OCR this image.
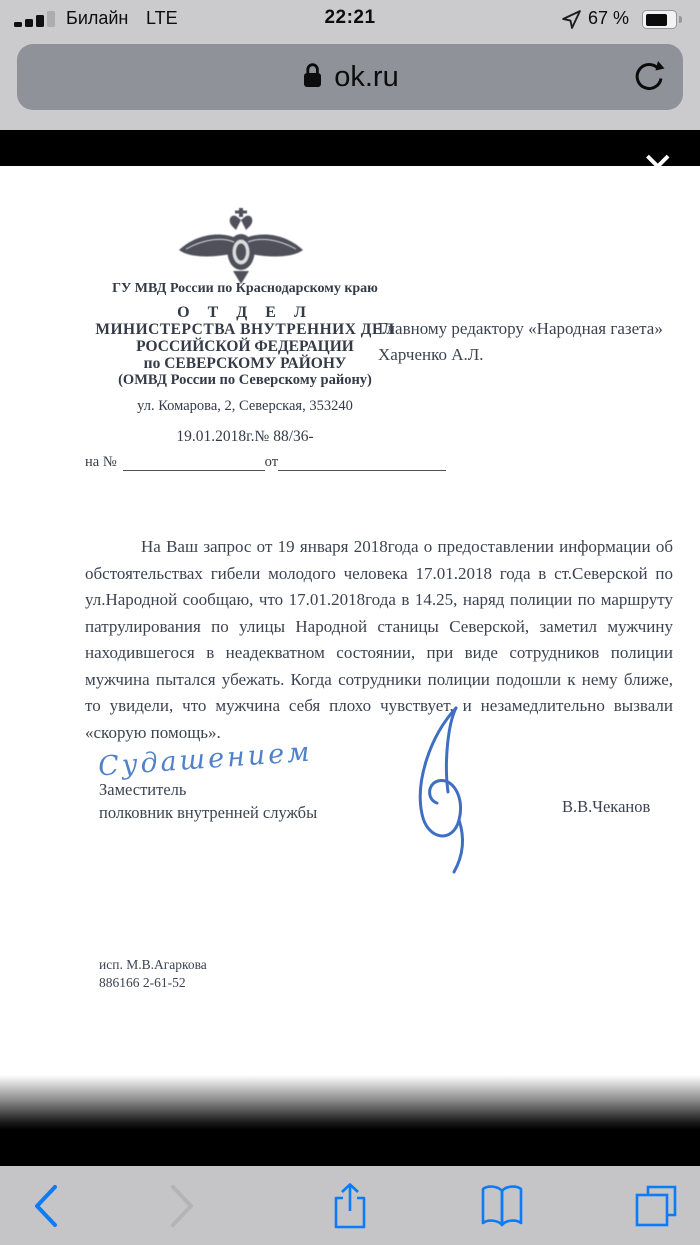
Билайн LTE	22:21	67 %
ok.ru
ГУ МВД России по Краснодарскому краю
О Т Д Е Л
МИНИСТЕРСТВА ВНУТРЕННИХ ДЕЛ
РОССИЙСКОЙ ФЕДЕРАЦИИ
по СЕВЕРСКОМУ РАЙОНУ
(ОМВД России по Северскому району)
ул. Комарова, 2, Северская, 353240
19.01.2018г.№ 88/36-
на №	от
Главному редактору «Народная газета»
Харченко А.Л.
На Ваш запрос от 19 января 2018года о предоставлении информации об обстоятельствах гибели молодого человека 17.01.2018 года в ст.Северской по ул.Народной сообщаю, что 17.01.2018года в 14.25, наряд полиции по маршруту патрулирования по улицы Народной станицы Северской, заметил мужчину находившегося в неадекватном состоянии, при виде сотрудников полиции мужчина пытался убежать. Когда сотрудники полиции подошли к нему ближе, то увидели, что мужчина себя плохо чувствует, и незамедлительно вызвали «скорую помощь».
Судашением
Заместитель
полковник внутренней службы	В.В.Чеканов
исп. М.В.Агаркова
886166 2-61-52
